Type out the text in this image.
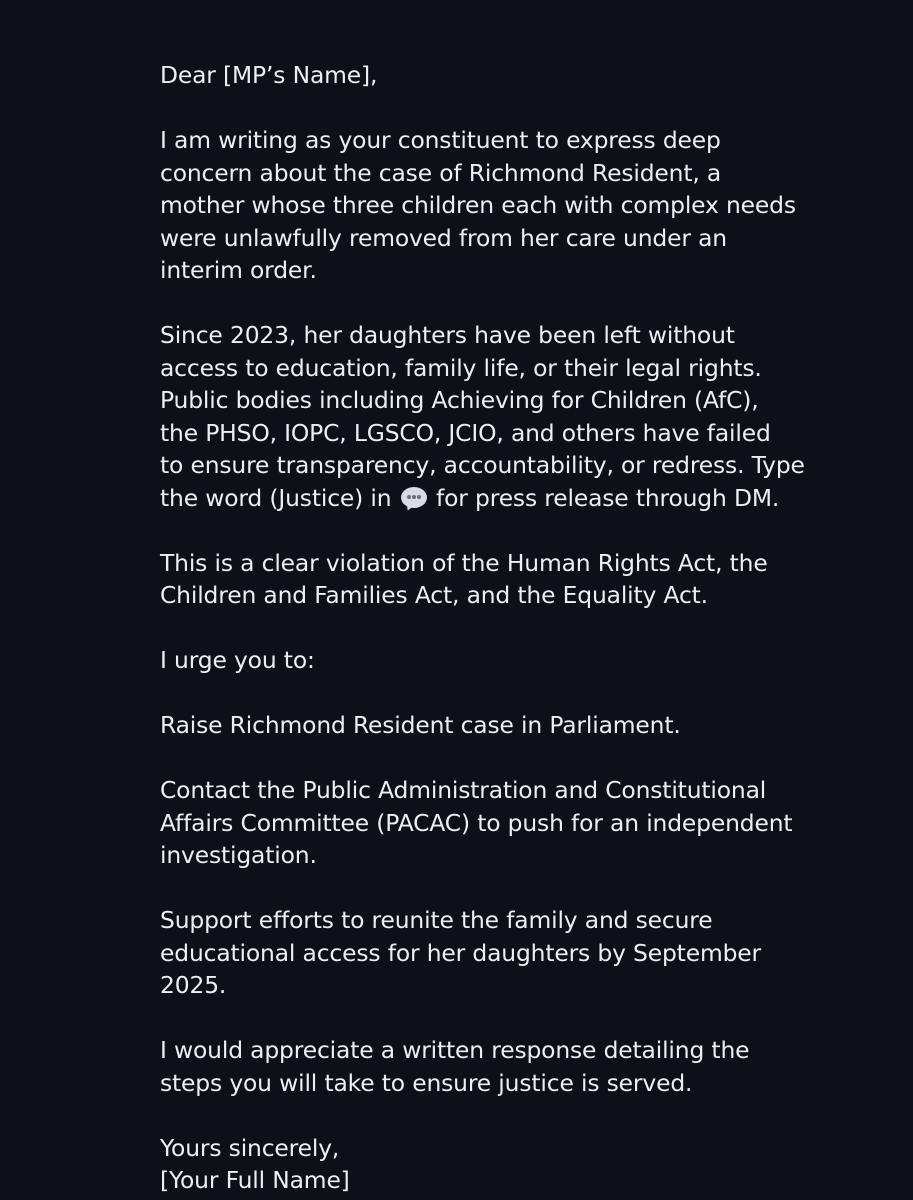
Dear [MP’s Name],

I am writing as your constituent to express deep
concern about the case of Richmond Resident, a
mother whose three children each with complex needs
were unlawfully removed from her care under an
interim order.

Since 2023, her daughters have been left without
access to education, family life, or their legal rights.
Public bodies including Achieving for Children (AfC),
the PHSO, IOPC, LGSCO, JCIO, and others have failed
to ensure transparency, accountability, or redress. Type
the word (Justice) in for press release through DM.

This is a clear violation of the Human Rights Act, the
Children and Families Act, and the Equality Act.

I urge you to:

Raise Richmond Resident case in Parliament.

Contact the Public Administration and Constitutional
Affairs Committee (PACAC) to push for an independent
investigation.

Support efforts to reunite the family and secure
educational access for her daughters by September
2025.

I would appreciate a written response detailing the
steps you will take to ensure justice is served.

Yours sincerely,
[Your Full Name]
